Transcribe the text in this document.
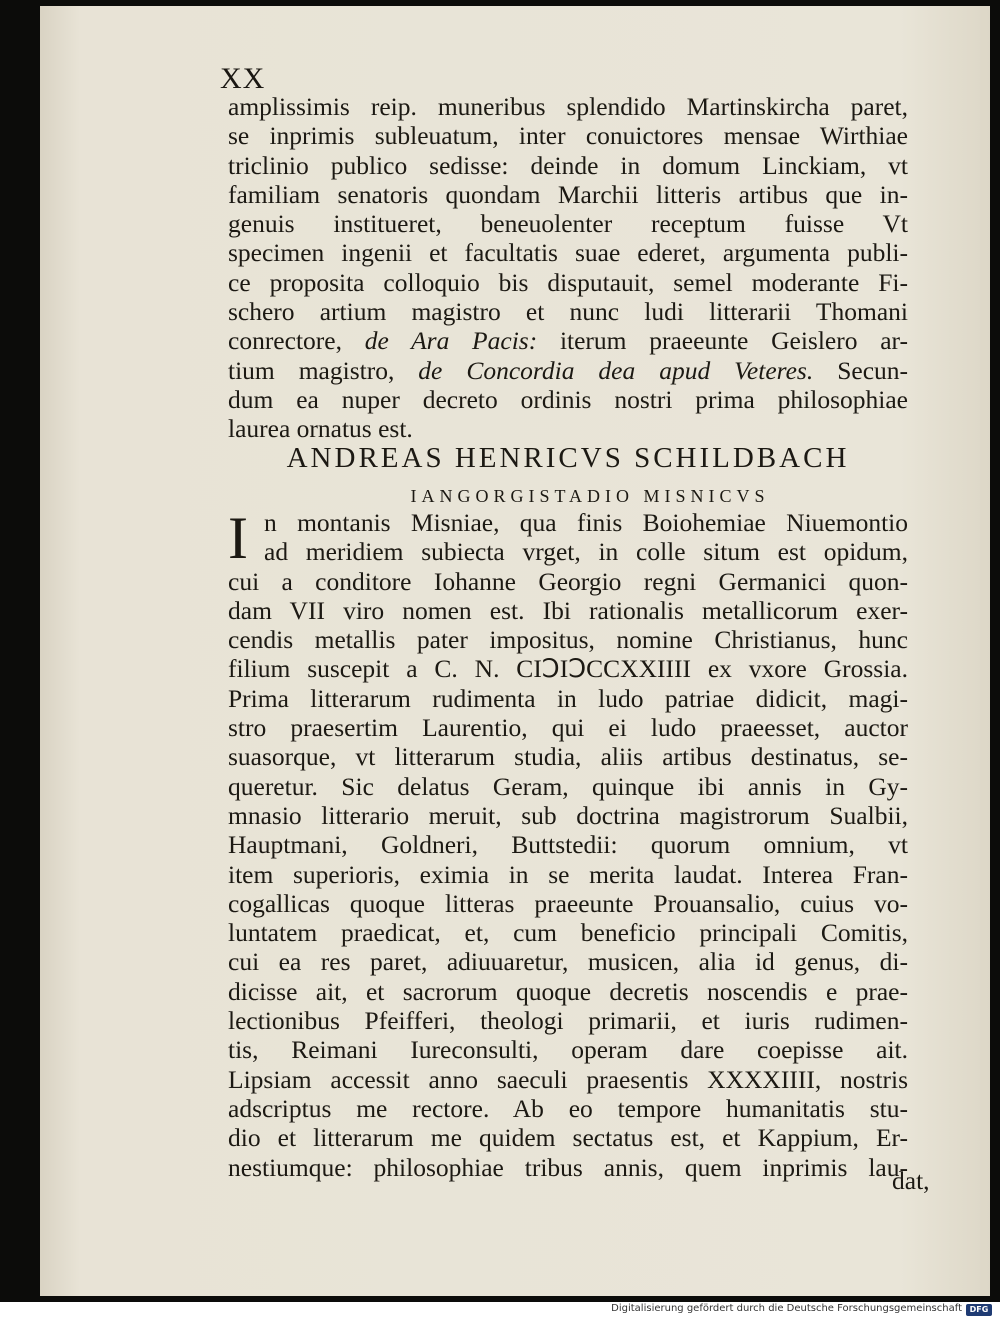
XX
amplissimis reip. muneribus splendido Martinskircha paret,
se inprimis subleuatum, inter conuictores mensae Wirthiae
triclinio publico sedisse: deinde in domum Linckiam, vt
familiam senatoris quondam Marchii litteris artibus que in-
genuis institueret, beneuolenter receptum fuisse Vt
specimen ingenii et facultatis suae ederet, argumenta publi-
ce proposita colloquio bis disputauit, semel moderante Fi-
schero artium magistro et nunc ludi litterarii Thomani
conrectore, de Ara Pacis: iterum praeeunte Geislero ar-
tium magistro, de Concordia dea apud Veteres. Secun-
dum ea nuper decreto ordinis nostri prima philosophiae
laurea ornatus est.
ANDREAS HENRICVS SCHILDBACH
IANGORGISTADIO MISNICVS
I n montanis Misniae, qua finis Boiohemiae Niuemontio
ad meridiem subiecta vrget, in colle situm est opidum,
cui a conditore Iohanne Georgio regni Germanici quon-
dam VII viro nomen est. Ibi rationalis metallicorum exer-
cendis metallis pater impositus, nomine Christianus, hunc
filium suscepit a C. N. CIↃIↃCCXXIIII ex vxore Grossia.
Prima litterarum rudimenta in ludo patriae didicit, magi-
stro praesertim Laurentio, qui ei ludo praeesset, auctor
suasorque, vt litterarum studia, aliis artibus destinatus, se-
queretur. Sic delatus Geram, quinque ibi annis in Gy-
mnasio litterario meruit, sub doctrina magistrorum Sualbii,
Hauptmani, Goldneri, Buttstedii: quorum omnium, vt
item superioris, eximia in se merita laudat. Interea Fran-
cogallicas quoque litteras praeeunte Prouansalio, cuius vo-
luntatem praedicat, et, cum beneficio principali Comitis,
cui ea res paret, adiuuaretur, musicen, alia id genus, di-
dicisse ait, et sacrorum quoque decretis noscendis e prae-
lectionibus Pfeifferi, theologi primarii, et iuris rudimen-
tis, Reimani Iureconsulti, operam dare coepisse ait.
Lipsiam accessit anno saeculi praesentis XXXXIIII, nostris
adscriptus me rectore. Ab eo tempore humanitatis stu-
dio et litterarum me quidem sectatus est, et Kappium, Er-
nestiumque: philosophiae tribus annis, quem inprimis lau-
dat,
Digitalisierung gefördert durch die Deutsche Forschungsgemeinschaft DFG
